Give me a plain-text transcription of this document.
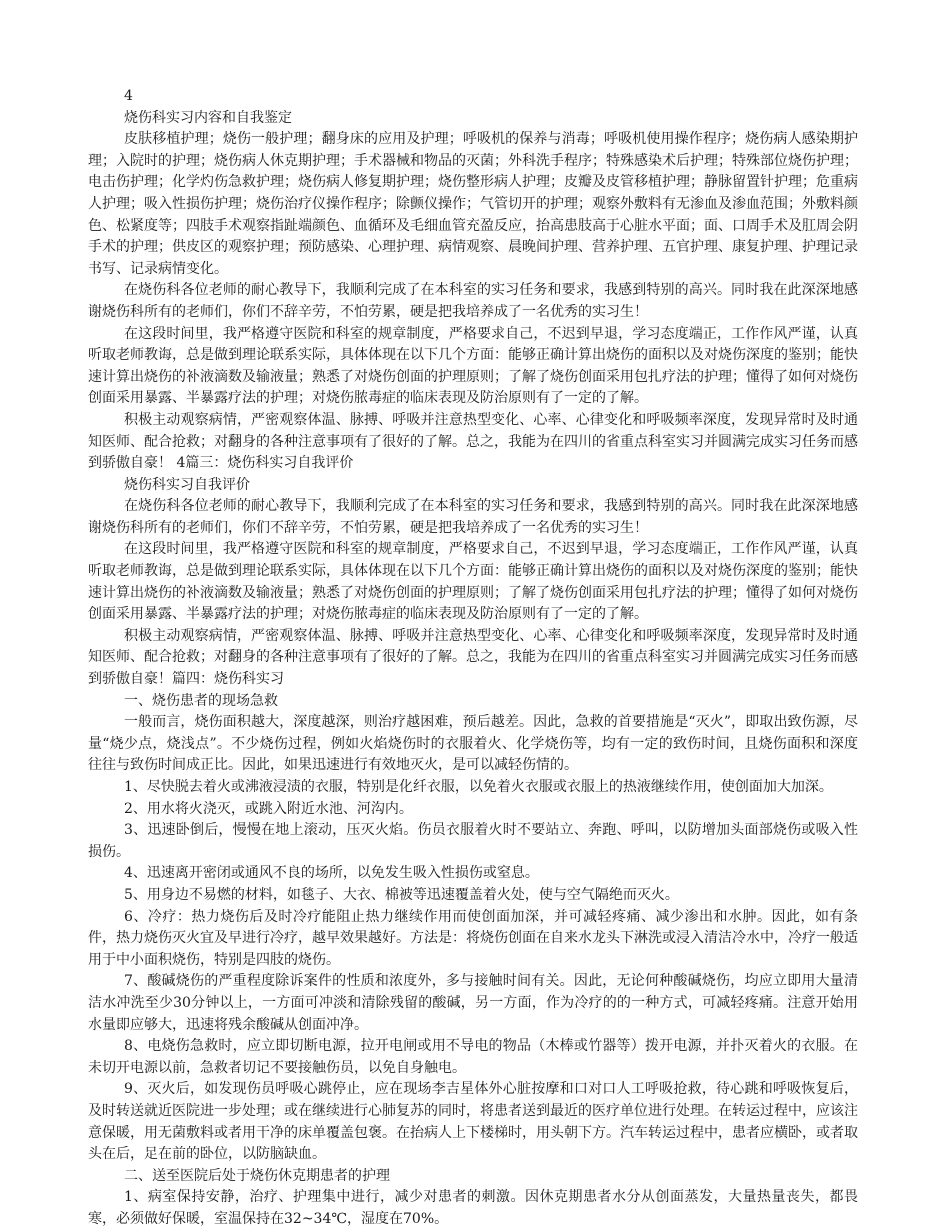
4
烧伤科实习内容和自我鉴定

皮肤移植护理；烧伤一般护理；翻身床的应用及护理；呼吸机的保养与消毒；呼吸机使用操作程序；烧伤病人感染期护理；入院时的护理；烧伤病人休克期护理；手术器械和物品的灭菌；外科洗手程序；特殊感染术后护理；特殊部位烧伤护理；电击伤护理；化学灼伤急救护理；烧伤病人修复期护理；烧伤整形病人护理；皮瓣及皮管移植护理；静脉留置针护理；危重病人护理；吸入性损伤护理；烧伤治疗仪操作程序；除颤仪操作；气管切开的护理；观察外敷料有无渗血及渗血范围；外敷料颜色、松紧度等；四肢手术观察指趾端颜色、血循环及毛细血管充盈反应，抬高患肢高于心脏水平面；面、口周手术及肛周会阴手术的护理；供皮区的观察护理；预防感染、心理护理、病情观察、晨晚间护理、营养护理、五官护理、康复护理、护理记录书写、记录病情变化。

在烧伤科各位老师的耐心教导下，我顺利完成了在本科室的实习任务和要求，我感到特别的高兴。同时我在此深深地感谢烧伤科所有的老师们，你们不辞辛劳，不怕劳累，硬是把我培养成了一名优秀的实习生！

在这段时间里，我严格遵守医院和科室的规章制度，严格要求自己，不迟到早退，学习态度端正，工作作风严谨，认真听取老师教诲，总是做到理论联系实际，具体体现在以下几个方面：能够正确计算出烧伤的面积以及对烧伤深度的鉴别；能快速计算出烧伤的补液滴数及输液量；熟悉了对烧伤创面的护理原则；了解了烧伤创面采用包扎疗法的护理；懂得了如何对烧伤创面采用暴露、半暴露疗法的护理；对烧伤脓毒症的临床表现及防治原则有了一定的了解。

积极主动观察病情，严密观察体温、脉搏、呼吸并注意热型变化、心率、心律变化和呼吸频率深度，发现异常时及时通知医师、配合抢救；对翻身的各种注意事项有了很好的了解。总之，我能为在四川的省重点科室实习并圆满完成实习任务而感到骄傲自豪！ 4篇三：烧伤科实习自我评价

烧伤科实习自我评价

在烧伤科各位老师的耐心教导下，我顺利完成了在本科室的实习任务和要求，我感到特别的高兴。同时我在此深深地感谢烧伤科所有的老师们，你们不辞辛劳，不怕劳累，硬是把我培养成了一名优秀的实习生！

在这段时间里，我严格遵守医院和科室的规章制度，严格要求自己，不迟到早退，学习态度端正，工作作风严谨，认真听取老师教诲，总是做到理论联系实际，具体体现在以下几个方面：能够正确计算出烧伤的面积以及对烧伤深度的鉴别；能快速计算出烧伤的补液滴数及输液量；熟悉了对烧伤创面的护理原则；了解了烧伤创面采用包扎疗法的护理；懂得了如何对烧伤创面采用暴露、半暴露疗法的护理；对烧伤脓毒症的临床表现及防治原则有了一定的了解。

积极主动观察病情，严密观察体温、脉搏、呼吸并注意热型变化、心率、心律变化和呼吸频率深度，发现异常时及时通知医师、配合抢救；对翻身的各种注意事项有了很好的了解。总之，我能为在四川的省重点科室实习并圆满完成实习任务而感到骄傲自豪！篇四：烧伤科实习

一、烧伤患者的现场急救

一般而言，烧伤面积越大，深度越深，则治疗越困难，预后越差。因此，急救的首要措施是“灭火”，即取出致伤源，尽量“烧少点，烧浅点”。不少烧伤过程，例如火焰烧伤时的衣服着火、化学烧伤等，均有一定的致伤时间，且烧伤面积和深度往往与致伤时间成正比。因此，如果迅速进行有效地灭火，是可以减轻伤情的。

1、尽快脱去着火或沸液浸渍的衣服，特别是化纤衣服，以免着火衣服或衣服上的热液继续作用，使创面加大加深。

2、用水将火浇灭，或跳入附近水池、河沟内。

3、迅速卧倒后，慢慢在地上滚动，压灭火焰。伤员衣服着火时不要站立、奔跑、呼叫，以防增加头面部烧伤或吸入性损伤。

4、迅速离开密闭或通风不良的场所，以免发生吸入性损伤或窒息。

5、用身边不易燃的材料，如毯子、大衣、棉被等迅速覆盖着火处，使与空气隔绝而灭火。

6、冷疗：热力烧伤后及时冷疗能阻止热力继续作用而使创面加深，并可减轻疼痛、减少渗出和水肿。因此，如有条件，热力烧伤灭火宜及早进行冷疗，越早效果越好。方法是：将烧伤创面在自来水龙头下淋洗或浸入清洁冷水中，冷疗一般适用于中小面积烧伤，特别是四肢的烧伤。

7、酸碱烧伤的严重程度除诉案件的性质和浓度外，多与接触时间有关。因此，无论何种酸碱烧伤，均应立即用大量清洁水冲洗至少30分钟以上，一方面可冲淡和清除残留的酸碱，另一方面，作为冷疗的的一种方式，可减轻疼痛。注意开始用水量即应够大，迅速将残余酸碱从创面冲净。

8、电烧伤急救时，应立即切断电源，拉开电闸或用不导电的物品（木棒或竹器等）拨开电源，并扑灭着火的衣服。在未切开电源以前，急救者切记不要接触伤员，以免自身触电。

9、灭火后，如发现伤员呼吸心跳停止，应在现场李吉星体外心脏按摩和口对口人工呼吸抢救，待心跳和呼吸恢复后，及时转送就近医院进一步处理；或在继续进行心肺复苏的同时，将患者送到最近的医疗单位进行处理。在转运过程中，应该注意保暖，用无菌敷料或者用干净的床单覆盖包褒。在抬病人上下楼梯时，用头朝下方。汽车转运过程中，患者应横卧，或者取头在后，足在前的卧位，以防脑缺血。

二、送至医院后处于烧伤休克期患者的护理

1、病室保持安静，治疗、护理集中进行，减少对患者的刺激。因休克期患者水分从创面蒸发，大量热量丧失，都畏寒，必须做好保暖，室温保持在32~34℃，湿度在70%。
